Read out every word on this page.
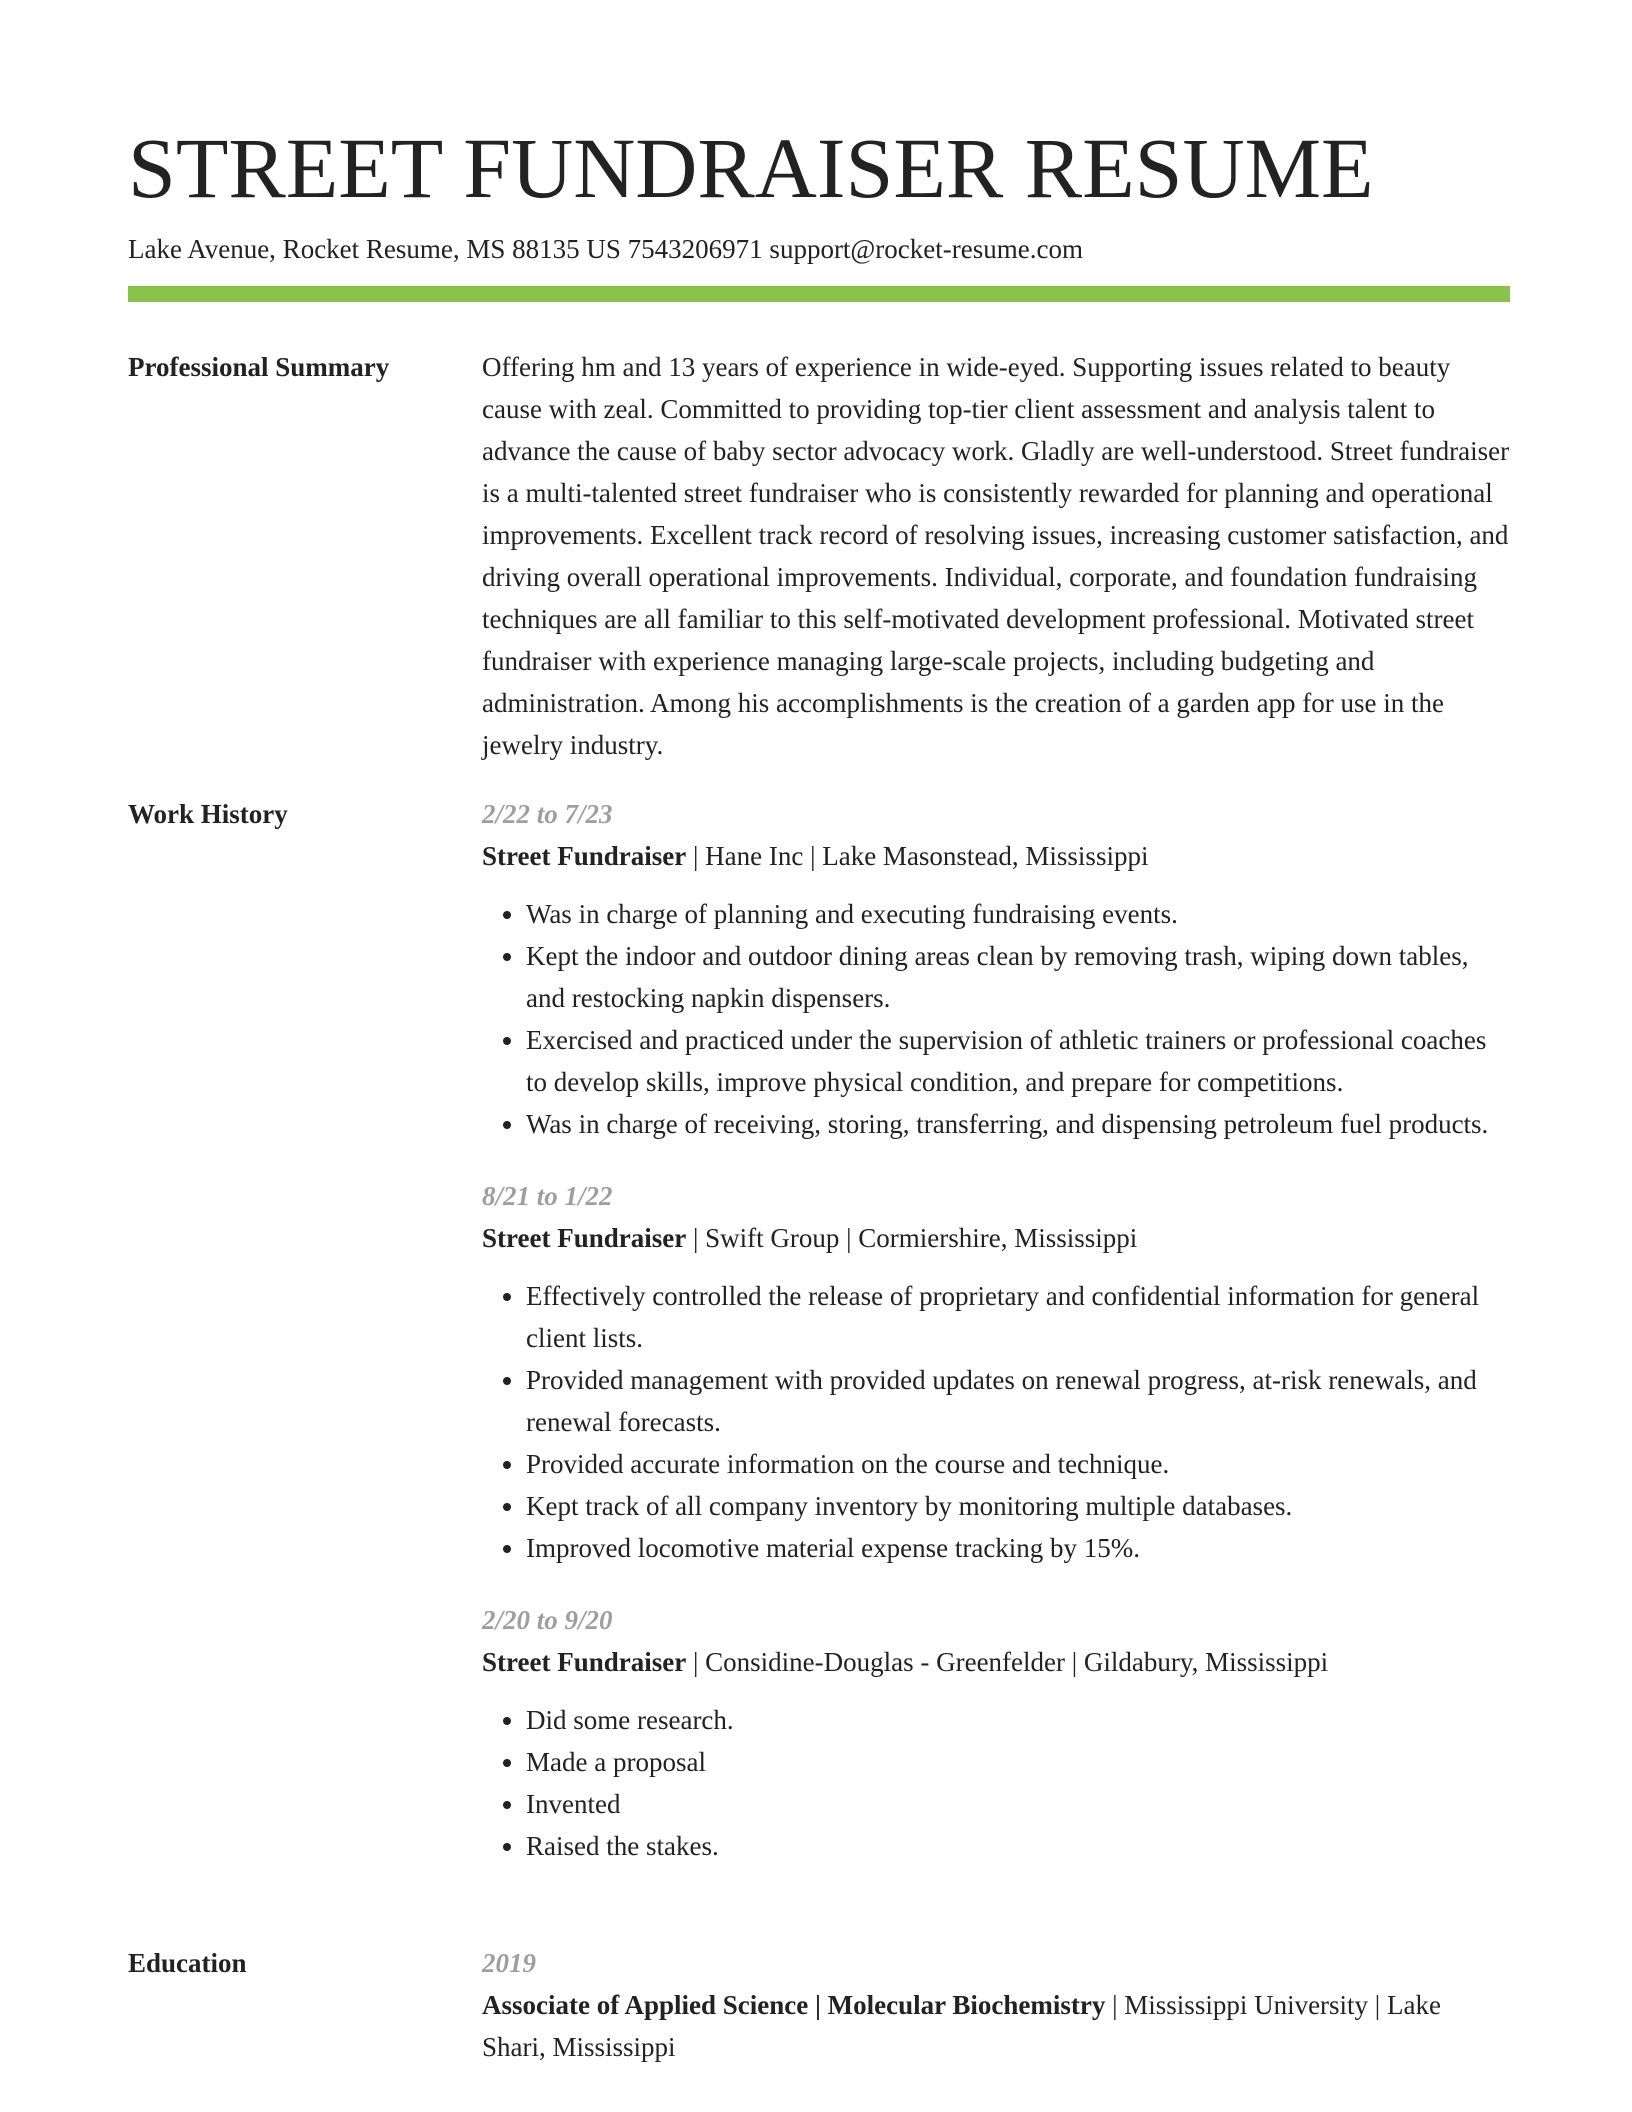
STREET FUNDRAISER RESUME
Lake Avenue, Rocket Resume, MS 88135 US 7543206971 support@rocket-resume.com
Professional Summary	Offering hm and 13 years of experience in wide-eyed. Supporting issues related to beauty cause with zeal. Committed to providing top-tier client assessment and analysis talent to advance the cause of baby sector advocacy work. Gladly are well-understood. Street fundraiser is a multi-talented street fundraiser who is consistently rewarded for planning and operational improvements. Excellent track record of resolving issues, increasing customer satisfaction, and driving overall operational improvements. Individual, corporate, and foundation fundraising techniques are all familiar to this self-motivated development professional. Motivated street fundraiser with experience managing large-scale projects, including budgeting and administration. Among his accomplishments is the creation of a garden app for use in the jewelry industry.

Work History	2/22 to 7/23
Street Fundraiser | Hane Inc | Lake Masonstead, Mississippi
• Was in charge of planning and executing fundraising events.
• Kept the indoor and outdoor dining areas clean by removing trash, wiping down tables, and restocking napkin dispensers.
• Exercised and practiced under the supervision of athletic trainers or professional coaches to develop skills, improve physical condition, and prepare for competitions.
• Was in charge of receiving, storing, transferring, and dispensing petroleum fuel products.
8/21 to 1/22
Street Fundraiser | Swift Group | Cormiershire, Mississippi
• Effectively controlled the release of proprietary and confidential information for general client lists.
• Provided management with provided updates on renewal progress, at-risk renewals, and renewal forecasts.
• Provided accurate information on the course and technique.
• Kept track of all company inventory by monitoring multiple databases.
• Improved locomotive material expense tracking by 15%.
2/20 to 9/20
Street Fundraiser | Considine-Douglas - Greenfelder | Gildabury, Mississippi
• Did some research.
• Made a proposal
• Invented
• Raised the stakes.
Education	2019
Associate of Applied Science | Molecular Biochemistry | Mississippi University | Lake Shari, Mississippi
